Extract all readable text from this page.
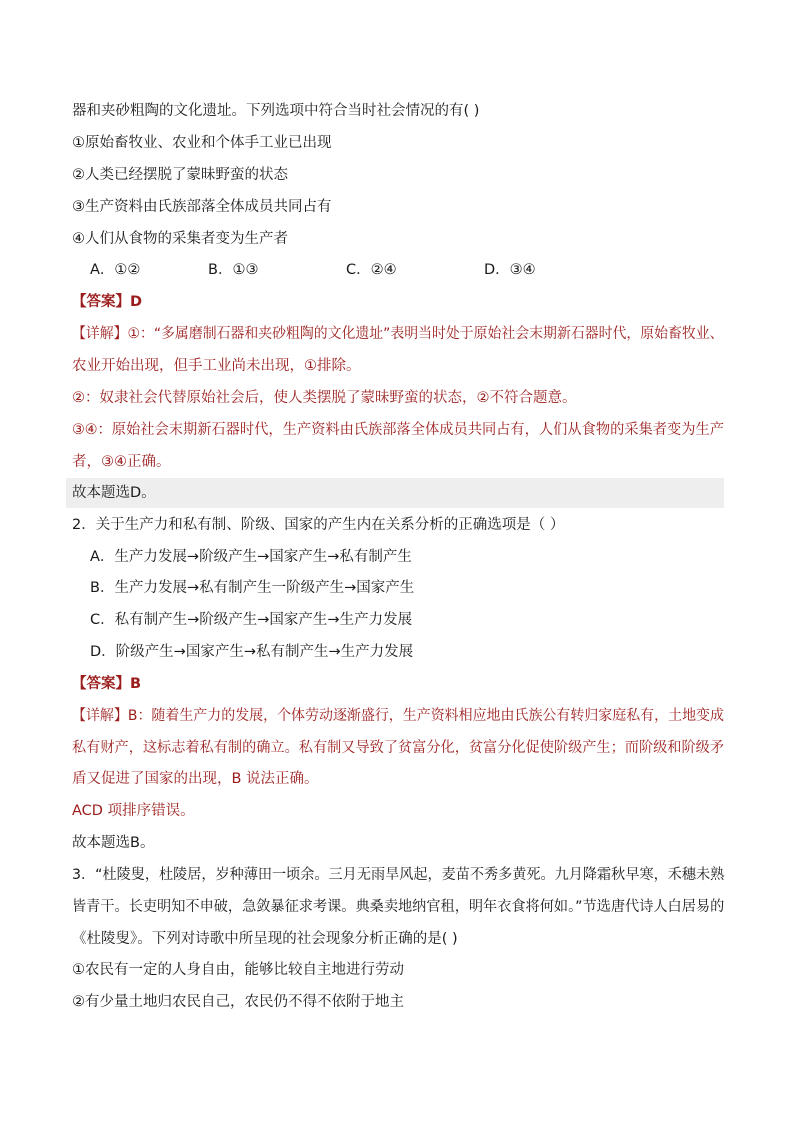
器和夹砂粗陶的文化遗址。下列选项中符合当时社会情况的有( )
①原始畜牧业、农业和个体手工业已出现
②人类已经摆脱了蒙昧野蛮的状态
③生产资料由氏族部落全体成员共同占有
④人们从食物的采集者变为生产者
A．①②	B．①③	C．②④	D．③④
【答案】D
【详解】①：“多属磨制石器和夹砂粗陶的文化遗址”表明当时处于原始社会末期新石器时代，原始畜牧业、
农业开始出现，但手工业尚未出现，①排除。
②：奴隶社会代替原始社会后，使人类摆脱了蒙昧野蛮的状态，②不符合题意。
③④：原始社会末期新石器时代，生产资料由氏族部落全体成员共同占有，人们从食物的采集者变为生产
者，③④正确。
故本题选D。
2．关于生产力和私有制、阶级、国家的产生内在关系分析的正确选项是（ ）
A．生产力发展→阶级产生→国家产生→私有制产生
B．生产力发展→私有制产生一阶级产生→国家产生
C．私有制产生→阶级产生→国家产生→生产力发展
D．阶级产生→国家产生→私有制产生→生产力发展
【答案】B
【详解】B：随着生产力的发展，个体劳动逐渐盛行，生产资料相应地由氏族公有转归家庭私有，土地变成
私有财产，这标志着私有制的确立。私有制又导致了贫富分化，贫富分化促使阶级产生；而阶级和阶级矛
盾又促进了国家的出现，B 说法正确。
ACD 项排序错误。
故本题选B。
3．“杜陵叟，杜陵居，岁种薄田一顷余。三月无雨旱风起，麦苗不秀多黄死。九月降霜秋早寒，禾穗未熟
皆青干。长吏明知不申破，急敛暴征求考课。典桑卖地纳官租，明年衣食将何如。”节选唐代诗人白居易的
《杜陵叟》。下列对诗歌中所呈现的社会现象分析正确的是( )
①农民有一定的人身自由，能够比较自主地进行劳动
②有少量土地归农民自己，农民仍不得不依附于地主
